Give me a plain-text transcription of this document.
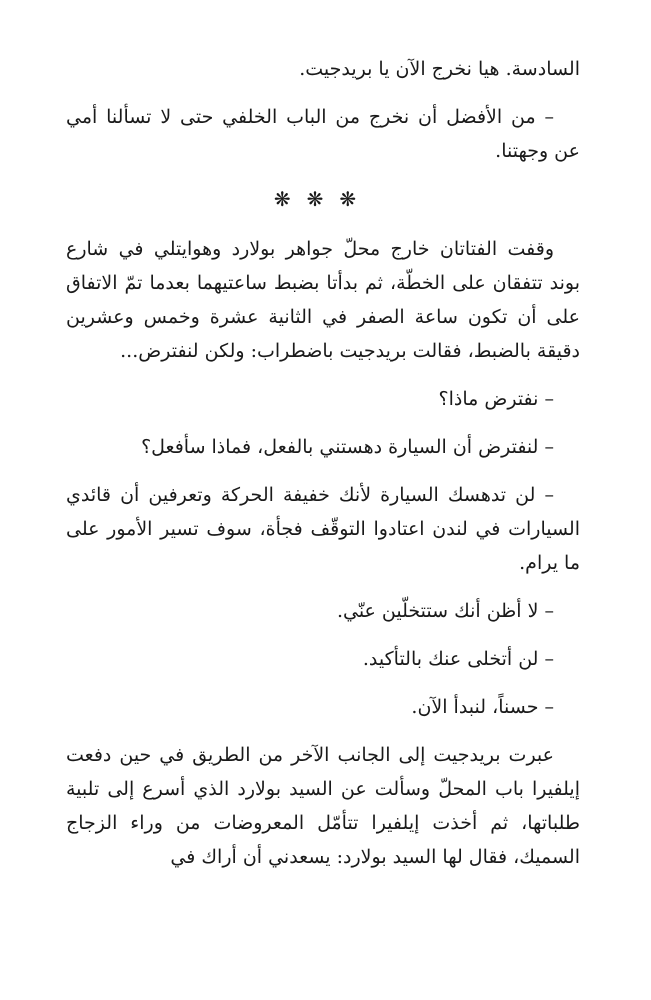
السادسة. هيا نخرج الآن يا بريدجيت.

– من الأفضل أن نخرج من الباب الخلفي حتى لا تسألنا أمي عن وجهتنا.

❋❋❋

وقفت الفتاتان خارج محلّ جواهر بولارد وهوايتلي في شارع بوند تتفقان على الخطّة، ثم بدأتا بضبط ساعتيهما بعدما تمّ الاتفاق على أن تكون ساعة الصفر في الثانية عشرة وخمس وعشرين دقيقة بالضبط، فقالت بريدجيت باضطراب: ولكن لنفترض...

– نفترض ماذا؟

– لنفترض أن السيارة دهستني بالفعل، فماذا سأفعل؟

– لن تدهسك السيارة لأنك خفيفة الحركة وتعرفين أن قائدي السيارات في لندن اعتادوا التوقّف فجأة، سوف تسير الأمور على ما يرام.

– لا أظن أنك ستتخلّين عنّي.

– لن أتخلى عنك بالتأكيد.

– حسناً، لنبدأ الآن.

عبرت بريدجيت إلى الجانب الآخر من الطريق في حين دفعت إيلفيرا باب المحلّ وسألت عن السيد بولارد الذي أسرع إلى تلبية طلباتها، ثم أخذت إيلفيرا تتأمّل المعروضات من وراء الزجاج السميك، فقال لها السيد بولارد: يسعدني أن أراك في
